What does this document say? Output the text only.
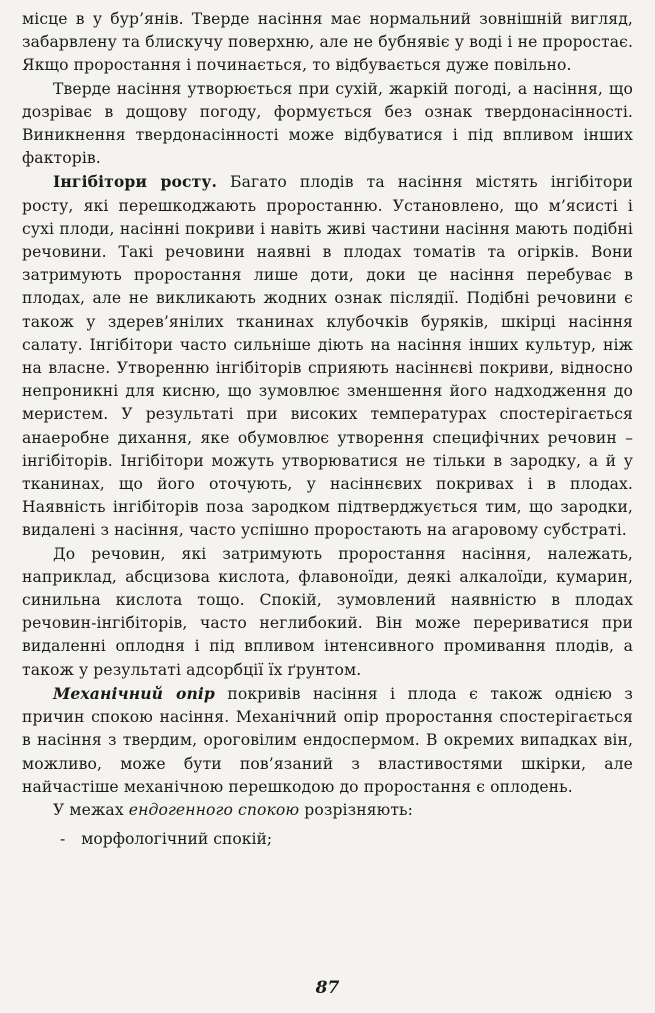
місце в у бур’янів. Тверде насіння має нормальний зовнішній вигляд, забарвлену та блискучу поверхню, але не бубнявіє у воді і не проростає. Якщо проростання і починається, то відбувається дуже повільно.

Тверде насіння утворюється при сухій, жаркій погоді, а насіння, що дозріває в дощову погоду, формується без ознак твердонасінності. Виникнення твердонасінності може відбуватися і під впливом інших факторів.

Інгібітори росту. Багато плодів та насіння містять інгібітори росту, які перешкоджають проростанню. Установлено, що м’ясисті і сухі плоди, насінні покриви і навіть живі частини насіння мають подібні речовини. Такі речовини наявні в плодах томатів та огірків. Вони затримують проростання лише доти, доки це насіння перебуває в плодах, але не викликають жодних ознак післядії. Подібні речовини є також у здерев’янілих тканинах клубочків буряків, шкірці насіння салату. Інгібітори часто сильніше діють на насіння інших культур, ніж на власне. Утворенню інгібіторів сприяють насіннєві покриви, відносно непроникні для кисню, що зумовлює зменшення його надходження до меристем. У результаті при високих температурах спостерігається анаеробне дихання, яке обумовлює утворення специфічних речовин – інгібіторів. Інгібітори можуть утворюватися не тільки в зародку, а й у тканинах, що його оточують, у насіннєвих покривах і в плодах. Наявність інгібіторів поза зародком підтверджується тим, що зародки, видалені з насіння, часто успішно проростають на агаровому субстраті.

До речовин, які затримують проростання насіння, належать, наприклад, абсцизова кислота, флавоноїди, деякі алкалоїди, кумарин, синильна кислота тощо. Спокій, зумовлений наявністю в плодах речовин-інгібіторів, часто неглибокий. Він може перериватися при видаленні оплодня і під впливом інтенсивного промивання плодів, а також у результаті адсорбції їх ґрунтом.

Механічний опір покривів насіння і плода є також однією з причин спокою насіння. Механічний опір проростання спостерігається в насіння з твердим, ороговілим ендоспермом. В окремих випадках він, можливо, може бути пов’язаний з властивостями шкірки, але найчастіше механічною перешкодою до проростання є оплодень.

У межах ендогенного спокою розрізняють:

- морфологічний спокій;
87
